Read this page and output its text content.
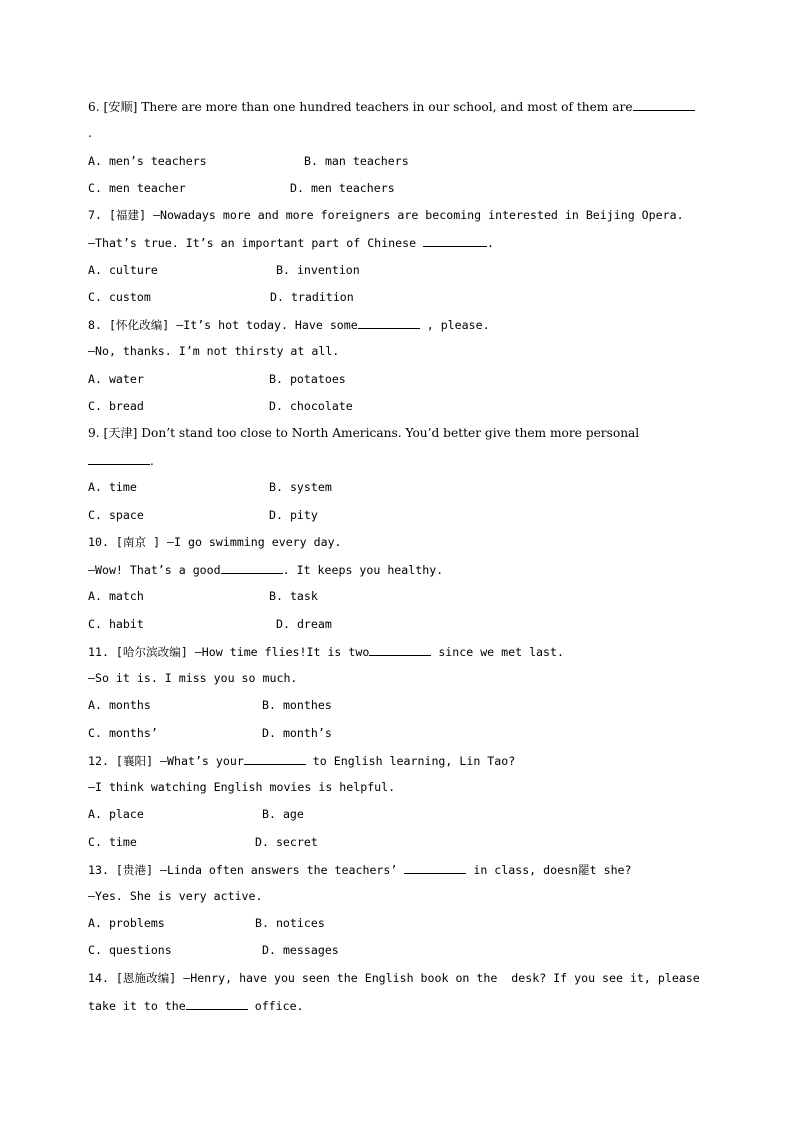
6. [安顺] There are more than one hundred teachers in our school, and most of them are
.
A. men’s teachers	B. man teachers
C. men teacher	D. men teachers
7. [福建] —Nowadays more and more foreigners are becoming interested in Beijing Opera.
—That’s true. It’s an important part of Chinese	.
A. culture	B. invention
C. custom	D. tradition
8. [怀化改编] —It’s hot today. Have some	, please.
—No, thanks. I’m not thirsty at all.
A. water	B. potatoes
C. bread	D. chocolate
9. [天津] Don’t stand too close to North Americans. You’d better give them more personal
.
A. time	B. system
C. space	D. pity
10. [南京 ] —I go swimming every day.
—Wow! That’s a good	. It keeps you healthy.
A. match	B. task
C. habit	D. dream
11. [哈尔滨改编] —How time flies!It is two	since we met last.
—So it is. I miss you so much.
A. months	B. monthes
C. months’	D. month’s
12. [襄阳] —What’s your	to English learning, Lin Tao?
—I think watching English movies is helpful.
A. place	B. age
C. time	D. secret
13. [贵港] —Linda often answers the teachers’	in class, doesn罷t she?
—Yes. She is very active.
A. problems	B. notices
C. questions	D. messages
14. [恩施改编] —Henry, have you seen the English book on the  desk? If you see it, please
take it to the	office.
